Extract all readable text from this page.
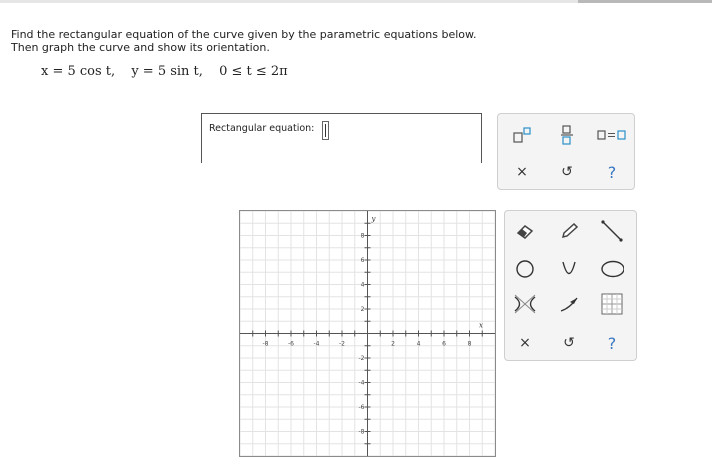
Find the rectangular equation of the curve given by the parametric equations below.
Then graph the curve and show its orientation.
x = 5 cos t, y = 5 sin t, 0 ≤ t ≤ 2π
Rectangular equation:
× ↺ ?
-8	-6	-4	-2	2	4	6	8
8
6
4
2
-2
-4
-6
-8
x
y
× ↺ ?
